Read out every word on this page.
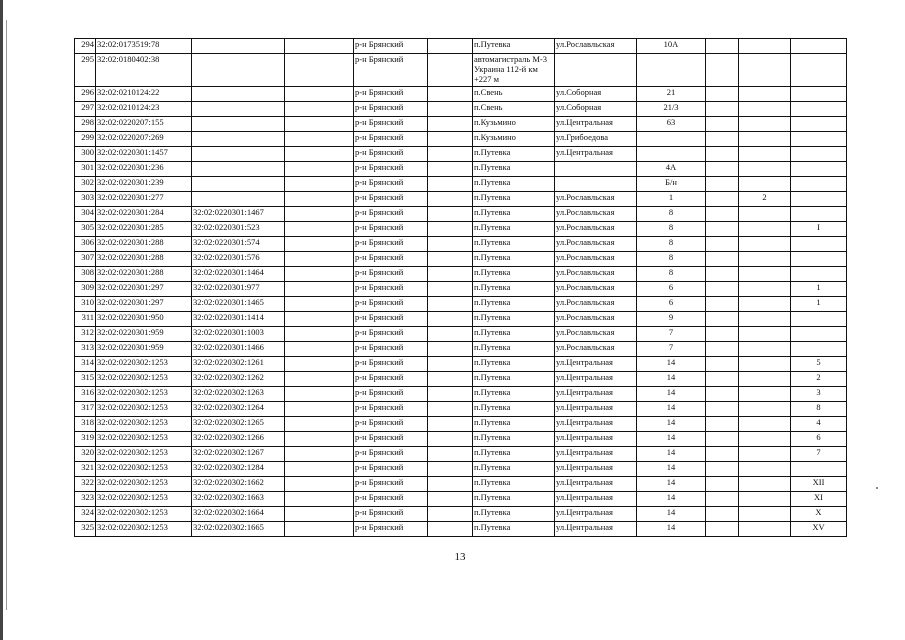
294	32:02:0173519:78			р-н Брянский		п.Путевка	ул.Рославльская	10А			
295	32:02:0180402:38			р-н Брянский		автомагистраль М-3 Украина 112-й км +227 м					
296	32:02:0210124:22			р-н Брянский		п.Свень	ул.Соборная	21			
297	32:02:0210124:23			р-н Брянский		п.Свень	ул.Соборная	21/3			
298	32:02:0220207:155			р-н Брянский		п.Кузьмино	ул.Центральная	63			
299	32:02:0220207:269			р-н Брянский		п.Кузьмино	ул.Грибоедова				
300	32:02:0220301:1457			р-н Брянский		п.Путевка	ул.Центральная				
301	32:02:0220301:236			р-н Брянский		п.Путевка		4А			
302	32:02:0220301:239			р-н Брянский		п.Путевка		Б/н			
303	32:02:0220301:277			р-н Брянский		п.Путевка	ул.Рославльская	1		2	
304	32:02:0220301:284	32:02:0220301:1467		р-н Брянский		п.Путевка	ул.Рославльская	8			
305	32:02:0220301:285	32:02:0220301:523		р-н Брянский		п.Путевка	ул.Рославльская	8			I
306	32:02:0220301:288	32:02:0220301:574		р-н Брянский		п.Путевка	ул.Рославльская	8			
307	32:02:0220301:288	32:02:0220301:576		р-н Брянский		п.Путевка	ул.Рославльская	8			
308	32:02:0220301:288	32:02:0220301:1464		р-н Брянский		п.Путевка	ул.Рославльская	8			
309	32:02:0220301:297	32:02:0220301:977		р-н Брянский		п.Путевка	ул.Рославльская	6			1
310	32:02:0220301:297	32:02:0220301:1465		р-н Брянский		п.Путевка	ул.Рославльская	6			1
311	32:02:0220301:950	32:02:0220301:1414		р-н Брянский		п.Путевка	ул.Рославльская	9			
312	32:02:0220301:959	32:02:0220301:1003		р-н Брянский		п.Путевка	ул.Рославльская	7			
313	32:02:0220301:959	32:02:0220301:1466		р-н Брянский		п.Путевка	ул.Рославльская	7			
314	32:02:0220302:1253	32:02:0220302:1261		р-н Брянский		п.Путевка	ул.Центральная	14			5
315	32:02:0220302:1253	32:02:0220302:1262		р-н Брянский		п.Путевка	ул.Центральная	14			2
316	32:02:0220302:1253	32:02:0220302:1263		р-н Брянский		п.Путевка	ул.Центральная	14			3
317	32:02:0220302:1253	32:02:0220302:1264		р-н Брянский		п.Путевка	ул.Центральная	14			8
318	32:02:0220302:1253	32:02:0220302:1265		р-н Брянский		п.Путевка	ул.Центральная	14			4
319	32:02:0220302:1253	32:02:0220302:1266		р-н Брянский		п.Путевка	ул.Центральная	14			6
320	32:02:0220302:1253	32:02:0220302:1267		р-н Брянский		п.Путевка	ул.Центральная	14			7
321	32:02:0220302:1253	32:02:0220302:1284		р-н Брянский		п.Путевка	ул.Центральная	14			
322	32:02:0220302:1253	32:02:0220302:1662		р-н Брянский		п.Путевка	ул.Центральная	14			XII
323	32:02:0220302:1253	32:02:0220302:1663		р-н Брянский		п.Путевка	ул.Центральная	14			XI
324	32:02:0220302:1253	32:02:0220302:1664		р-н Брянский		п.Путевка	ул.Центральная	14			X
325	32:02:0220302:1253	32:02:0220302:1665		р-н Брянский		п.Путевка	ул.Центральная	14			XV
13
